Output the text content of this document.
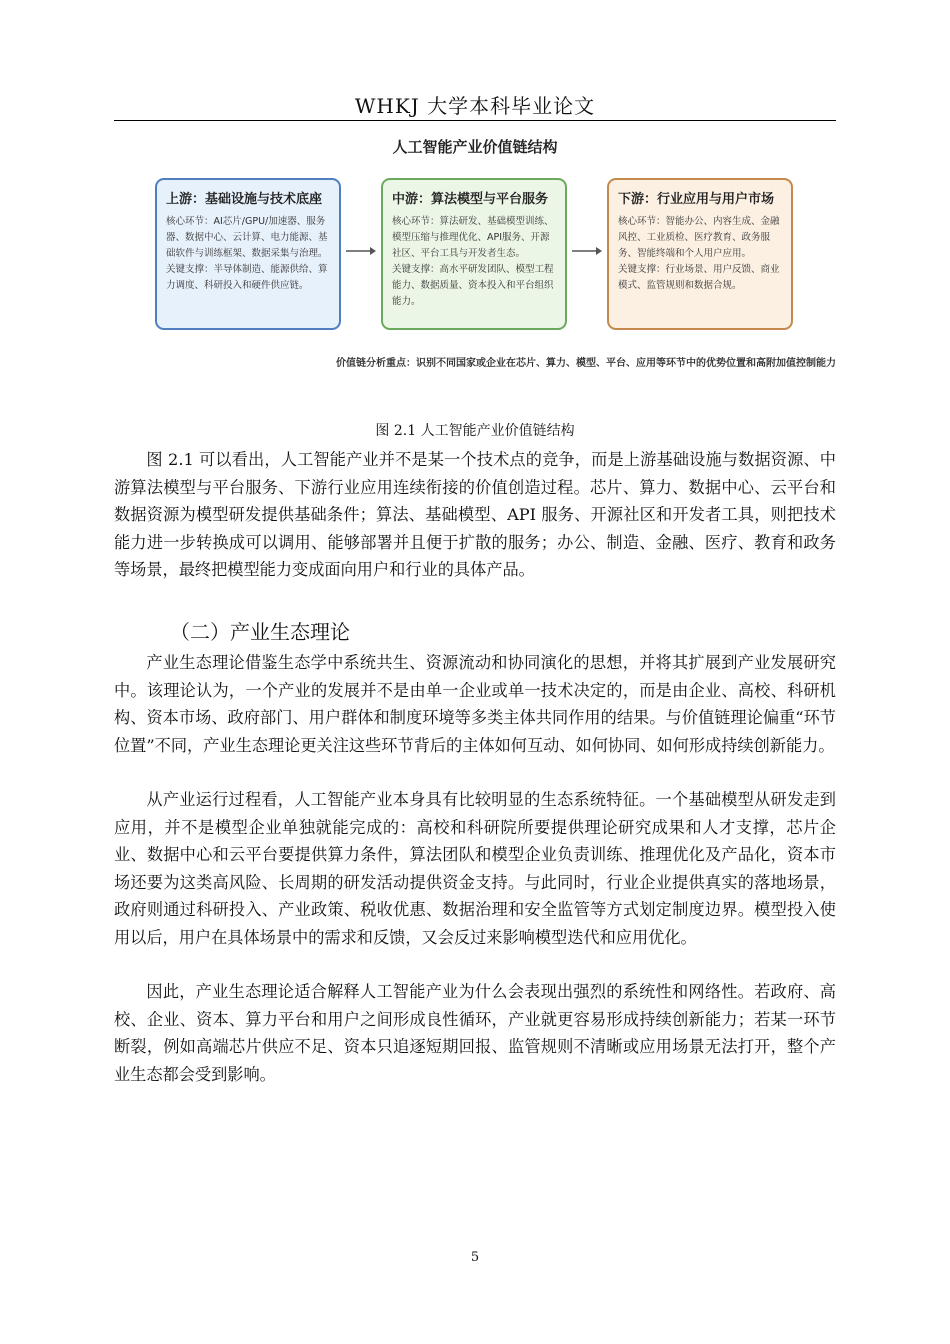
WHKJ 大学本科毕业论文
人工智能产业价值链结构
上游：基础设施与技术底座
核心环节：AI芯片/GPU/加速器、服务器、数据中心、云计算、电力能源、基础软件与训练框架、数据采集与治理。
关键支撑：半导体制造、能源供给、算力调度、科研投入和硬件供应链。
中游：算法模型与平台服务
核心环节：算法研发、基础模型训练、模型压缩与推理优化、API服务、开源社区、平台工具与开发者生态。
关键支撑：高水平研发团队、模型工程能力、数据质量、资本投入和平台组织能力。
下游：行业应用与用户市场
核心环节：智能办公、内容生成、金融风控、工业质检、医疗教育、政务服务、智能终端和个人用户应用。
关键支撑：行业场景、用户反馈、商业模式、监管规则和数据合规。
价值链分析重点：识别不同国家或企业在芯片、算力、模型、平台、应用等环节中的优势位置和高附加值控制能力
图 2.1 人工智能产业价值链结构

图 2.1 可以看出，人工智能产业并不是某一个技术点的竞争，而是上游基础设施与数据资源、中游算法模型与平台服务、下游行业应用连续衔接的价值创造过程。芯片、算力、数据中心、云平台和数据资源为模型研发提供基础条件；算法、基础模型、API 服务、开源社区和开发者工具，则把技术能力进一步转换成可以调用、能够部署并且便于扩散的服务；办公、制造、金融、医疗、教育和政务等场景，最终把模型能力变成面向用户和行业的具体产品。

（二）产业生态理论

产业生态理论借鉴生态学中系统共生、资源流动和协同演化的思想，并将其扩展到产业发展研究中。该理论认为，一个产业的发展并不是由单一企业或单一技术决定的，而是由企业、高校、科研机构、资本市场、政府部门、用户群体和制度环境等多类主体共同作用的结果。与价值链理论偏重“环节位置”不同，产业生态理论更关注这些环节背后的主体如何互动、如何协同、如何形成持续创新能力。

从产业运行过程看，人工智能产业本身具有比较明显的生态系统特征。一个基础模型从研发走到应用，并不是模型企业单独就能完成的：高校和科研院所要提供理论研究成果和人才支撑，芯片企业、数据中心和云平台要提供算力条件，算法团队和模型企业负责训练、推理优化及产品化，资本市场还要为这类高风险、长周期的研发活动提供资金支持。与此同时，行业企业提供真实的落地场景，政府则通过科研投入、产业政策、税收优惠、数据治理和安全监管等方式划定制度边界。模型投入使用以后，用户在具体场景中的需求和反馈，又会反过来影响模型迭代和应用优化。

因此，产业生态理论适合解释人工智能产业为什么会表现出强烈的系统性和网络性。若政府、高校、企业、资本、算力平台和用户之间形成良性循环，产业就更容易形成持续创新能力；若某一环节断裂，例如高端芯片供应不足、资本只追逐短期回报、监管规则不清晰或应用场景无法打开，整个产业生态都会受到影响。

5
